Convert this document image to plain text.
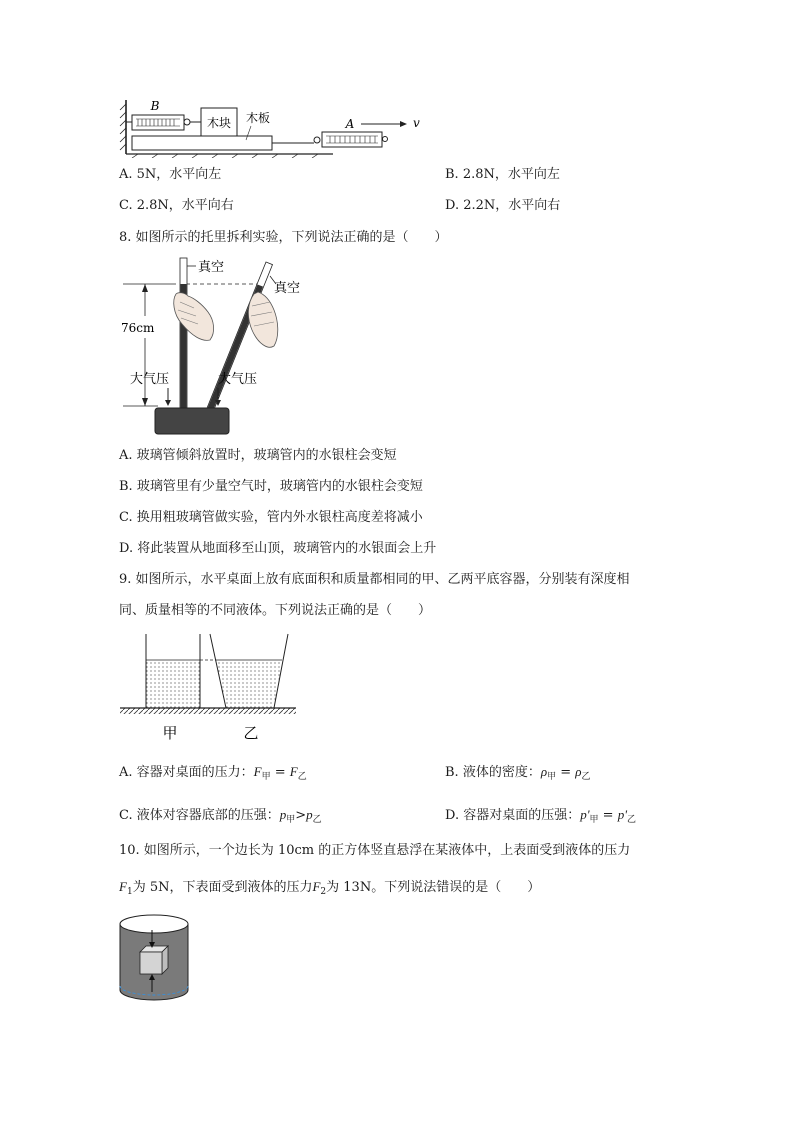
B
木块 木板	A	v
A. 5N，水平向左	B. 2.8N，水平向左
C. 2.8N，水平向右	D. 2.2N，水平向右
8. 如图所示的托里拆利实验，下列说法正确的是（　　）
76cm
真空
真空
大气压	大气压
A. 玻璃管倾斜放置时，玻璃管内的水银柱会变短
B. 玻璃管里有少量空气时，玻璃管内的水银柱会变短
C. 换用粗玻璃管做实验，管内外水银柱高度差将减小
D. 将此装置从地面移至山顶，玻璃管内的水银面会上升
9. 如图所示，水平桌面上放有底面积和质量都相同的甲、乙两平底容器，分别装有深度相
同、质量相等的不同液体。下列说法正确的是（　　）
甲	乙
A. 容器对桌面的压力：$F_甲 = F_乙$	B. 液体的密度：$\rho_甲 = \rho_乙$
C. 液体对容器底部的压强：$p_甲>p_乙$	D. 容器对桌面的压强：$p'_甲 = p'_乙$
10. 如图所示，一个边长为 10cm 的正方体竖直悬浮在某液体中，上表面受到液体的压力
$F_1$为 5N，下表面受到液体的压力$F_2$为 13N。下列说法错误的是（　　）
